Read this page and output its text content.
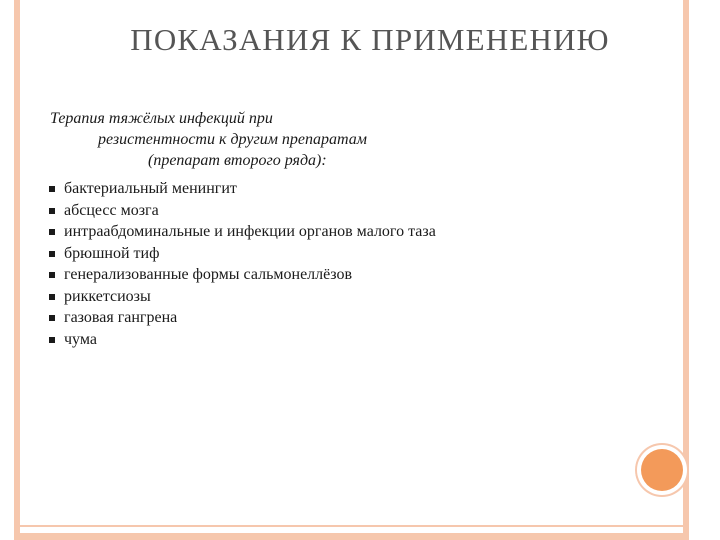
ПОКАЗАНИЯ К ПРИМЕНЕНИЮ
Терапия тяжёлых инфекций при
резистентности к другим препаратам
(препарат второго ряда):
бактериальный менингит
абсцесс мозга
интраабдоминальные и инфекции органов малого таза
брюшной тиф
генерализованные формы сальмонеллёзов
риккетсиозы
газовая гангрена
чума
